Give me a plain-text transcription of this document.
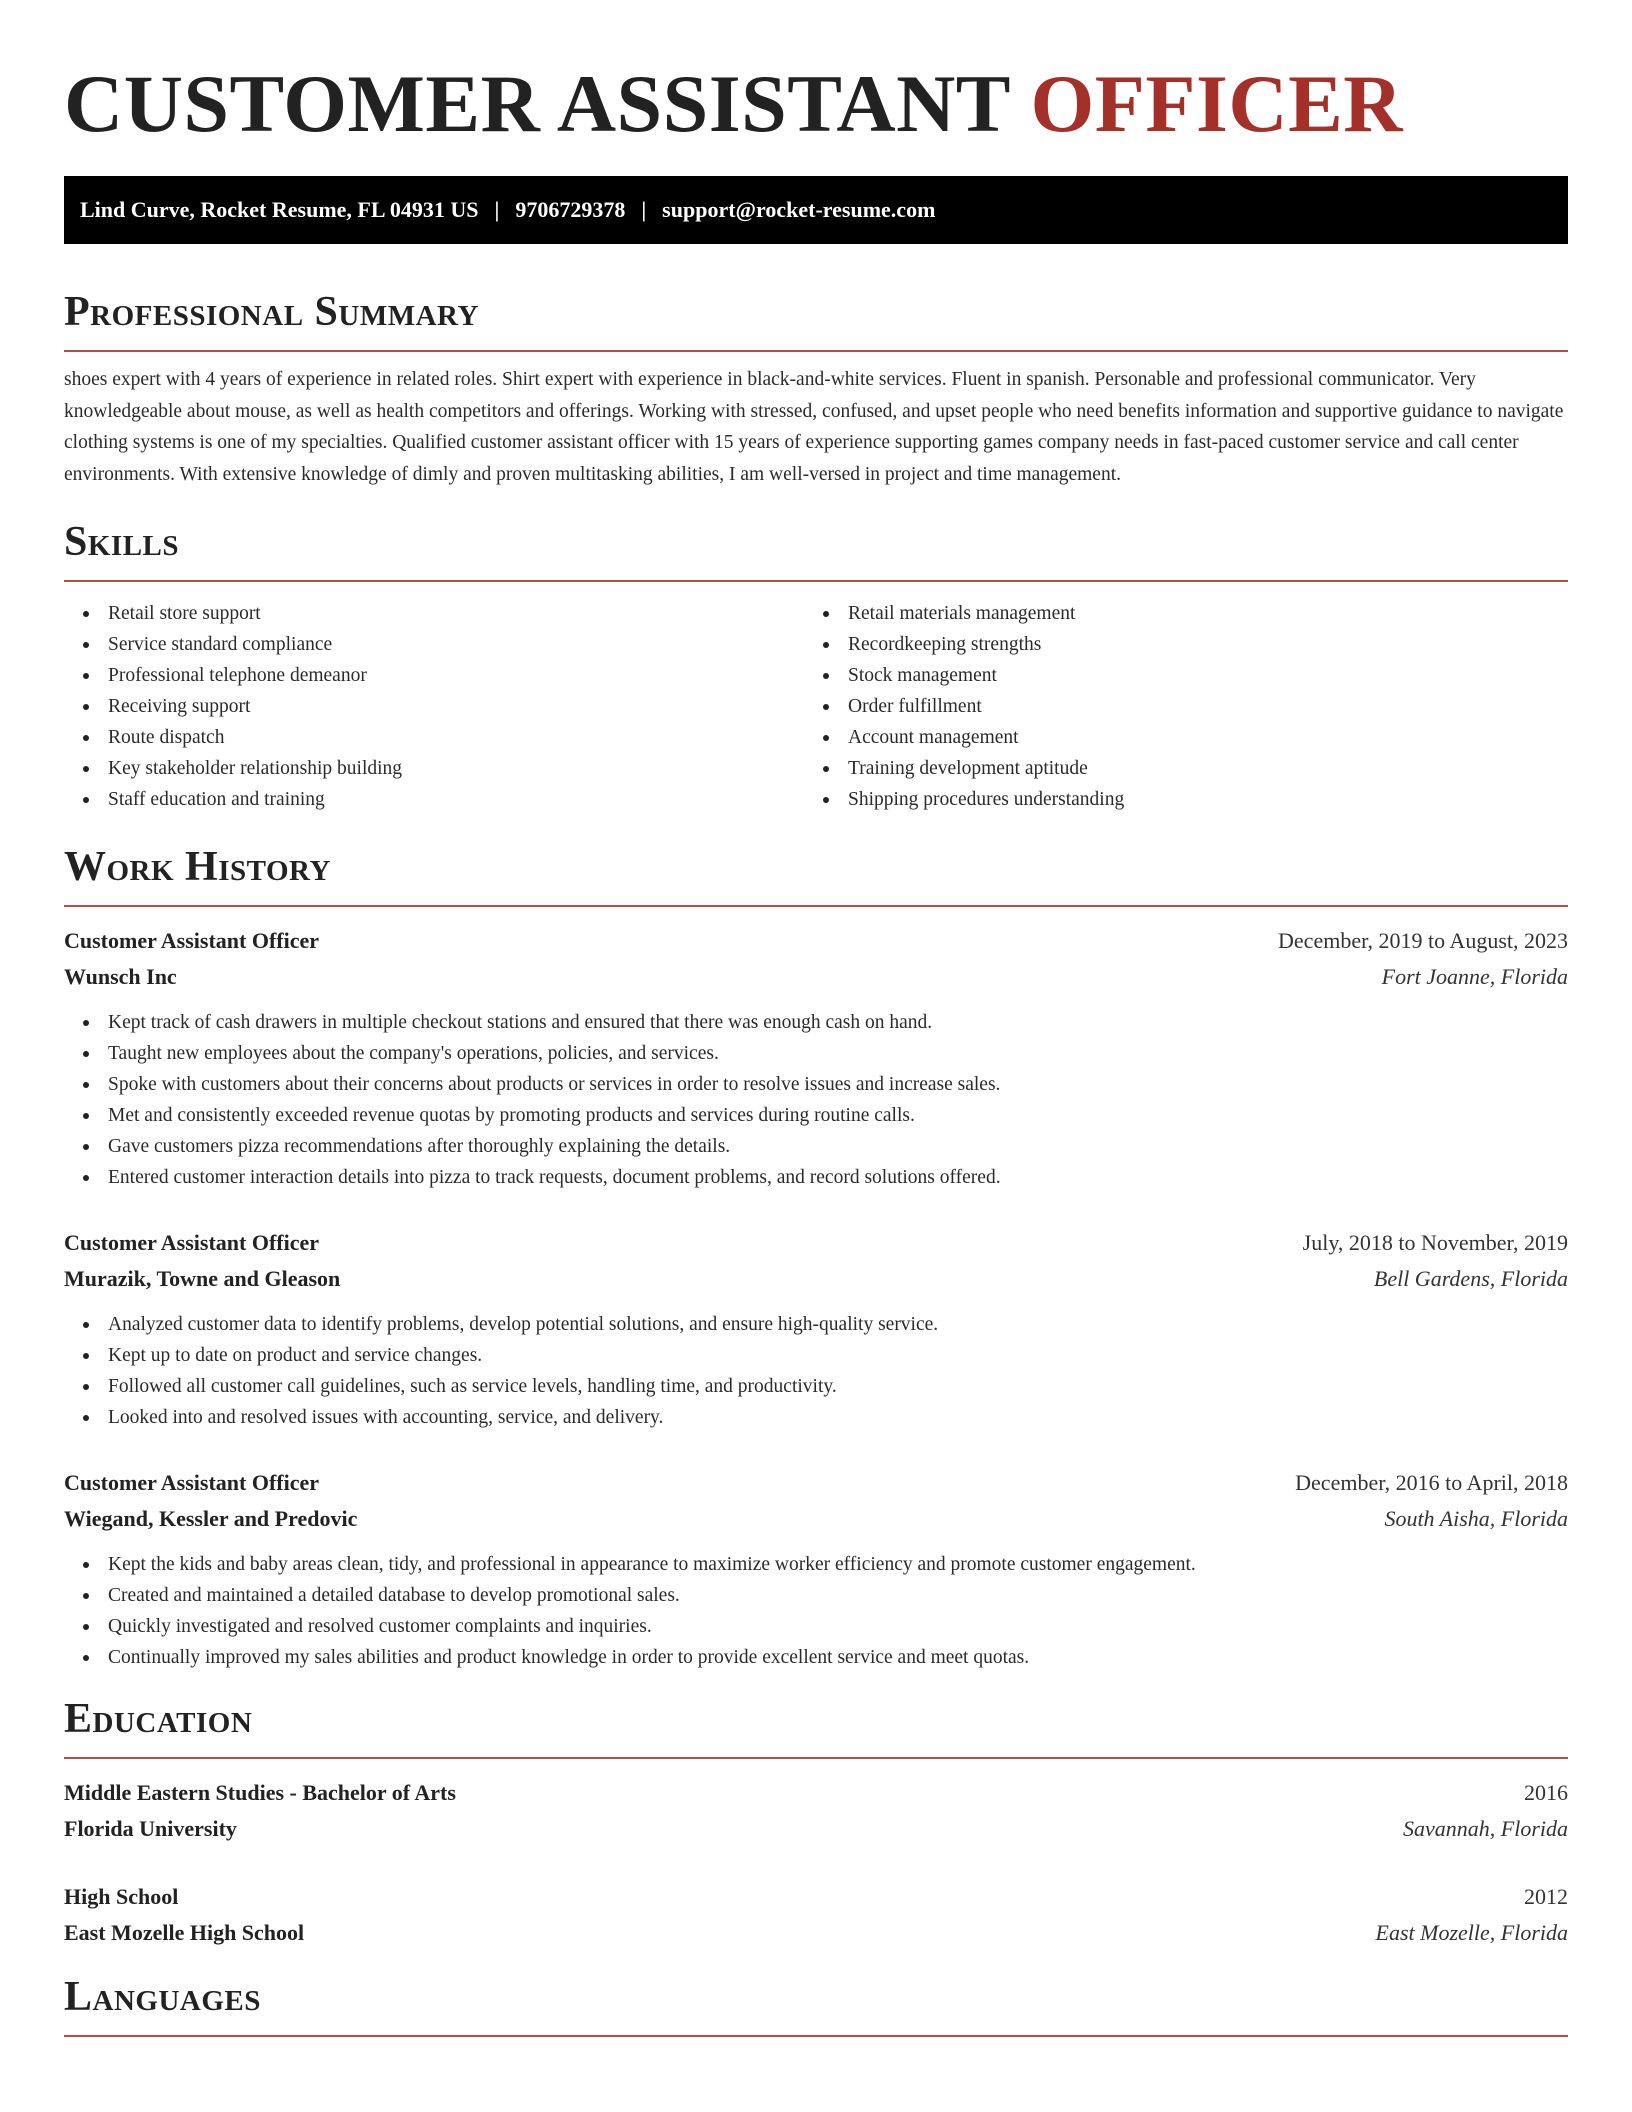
CUSTOMER ASSISTANT OFFICER
Lind Curve, Rocket Resume, FL 04931 US | 9706729378 | support@rocket-resume.com
Professional Summary

shoes expert with 4 years of experience in related roles. Shirt expert with experience in black-and-white services. Fluent in spanish. Personable and professional communicator. Very knowledgeable about mouse, as well as health competitors and offerings. Working with stressed, confused, and upset people who need benefits information and supportive guidance to navigate clothing systems is one of my specialties. Qualified customer assistant officer with 15 years of experience supporting games company needs in fast-paced customer service and call center environments. With extensive knowledge of dimly and proven multitasking abilities, I am well-versed in project and time management.

Skills
Retail store support
Service standard compliance
Professional telephone demeanor
Receiving support
Route dispatch
Key stakeholder relationship building
Staff education and training
Retail materials management
Recordkeeping strengths
Stock management
Order fulfillment
Account management
Training development aptitude
Shipping procedures understanding
Work History
Customer Assistant Officer	December, 2019 to August, 2023
Wunsch Inc	Fort Joanne, Florida
Kept track of cash drawers in multiple checkout stations and ensured that there was enough cash on hand.
Taught new employees about the company's operations, policies, and services.
Spoke with customers about their concerns about products or services in order to resolve issues and increase sales.
Met and consistently exceeded revenue quotas by promoting products and services during routine calls.
Gave customers pizza recommendations after thoroughly explaining the details.
Entered customer interaction details into pizza to track requests, document problems, and record solutions offered.
Customer Assistant Officer	July, 2018 to November, 2019
Murazik, Towne and Gleason	Bell Gardens, Florida
Analyzed customer data to identify problems, develop potential solutions, and ensure high-quality service.
Kept up to date on product and service changes.
Followed all customer call guidelines, such as service levels, handling time, and productivity.
Looked into and resolved issues with accounting, service, and delivery.
Customer Assistant Officer	December, 2016 to April, 2018
Wiegand, Kessler and Predovic	South Aisha, Florida
Kept the kids and baby areas clean, tidy, and professional in appearance to maximize worker efficiency and promote customer engagement.
Created and maintained a detailed database to develop promotional sales.
Quickly investigated and resolved customer complaints and inquiries.
Continually improved my sales abilities and product knowledge in order to provide excellent service and meet quotas.
Education
Middle Eastern Studies - Bachelor of Arts	2016
Florida University	Savannah, Florida
High School	2012
East Mozelle High School	East Mozelle, Florida
Languages
